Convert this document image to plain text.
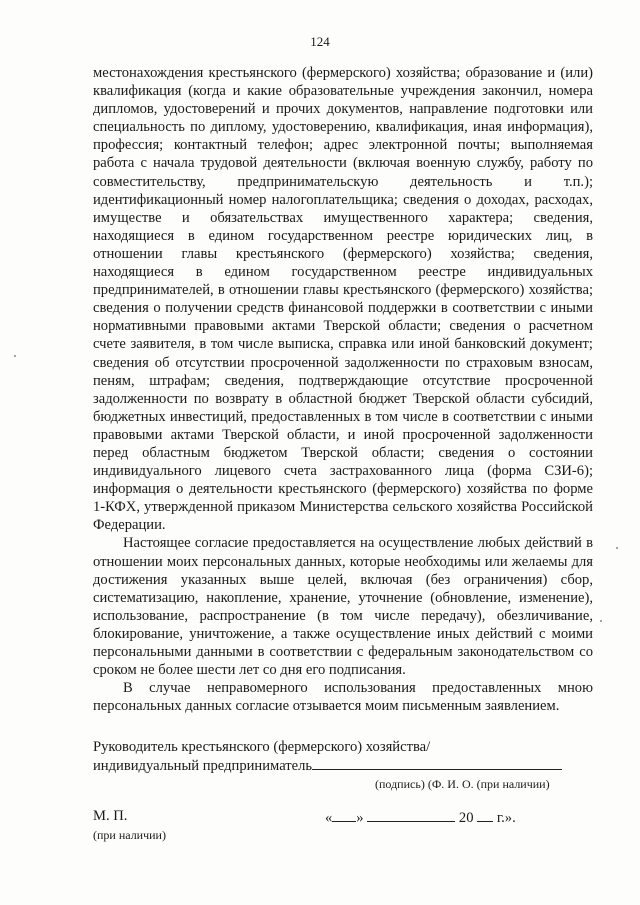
124

местонахождения крестьянского (фермерского) хозяйства; образование и (или) квалификация (когда и какие образовательные учреждения закончил, номера дипломов, удостоверений и прочих документов, направление подготовки или специальность по диплому, удостоверению, квалификация, иная информация), профессия; контактный телефон; адрес электронной почты; выполняемая работа с начала трудовой деятельности (включая военную службу, работу по совместительству, предпринимательскую деятельность и т.п.); идентификационный номер налогоплательщика; сведения о доходах, расходах, имуществе и обязательствах имущественного характера; сведения, находящиеся в едином государственном реестре юридических лиц, в отношении главы крестьянского (фермерского) хозяйства; сведения, находящиеся в едином государственном реестре индивидуальных предпринимателей, в отношении главы крестьянского (фермерского) хозяйства; сведения о получении средств финансовой поддержки в соответствии с иными нормативными правовыми актами Тверской области; сведения о расчетном счете заявителя, в том числе выписка, справка или иной банковский документ; сведения об отсутствии просроченной задолженности по страховым взносам, пеням, штрафам; сведения, подтверждающие отсутствие просроченной задолженности по возврату в областной бюджет Тверской области субсидий, бюджетных инвестиций, предоставленных в том числе в соответствии с иными правовыми актами Тверской области, и иной просроченной задолженности перед областным бюджетом Тверской области; сведения о состоянии индивидуального лицевого счета застрахованного лица (форма СЗИ-6); информация о деятельности крестьянского (фермерского) хозяйства по форме 1-КФХ, утвержденной приказом Министерства сельского хозяйства Российской Федерации.

Настоящее согласие предоставляется на осуществление любых действий в отношении моих персональных данных, которые необходимы или желаемы для достижения указанных выше целей, включая (без ограничения) сбор, систематизацию, накопление, хранение, уточнение (обновление, изменение), использование, распространение (в том числе передачу), обезличивание, блокирование, уничтожение, а также осуществление иных действий с моими персональными данными в соответствии с федеральным законодательством со сроком не более шести лет со дня его подписания.

В случае неправомерного использования предоставленных мною персональных данных согласие отзывается моим письменным заявлением.

Руководитель крестьянского (фермерского) хозяйства/
индивидуальный предприниматель
(подпись) (Ф. И. О. (при наличии)
М. П.
(при наличии)
« »	20 г.».
